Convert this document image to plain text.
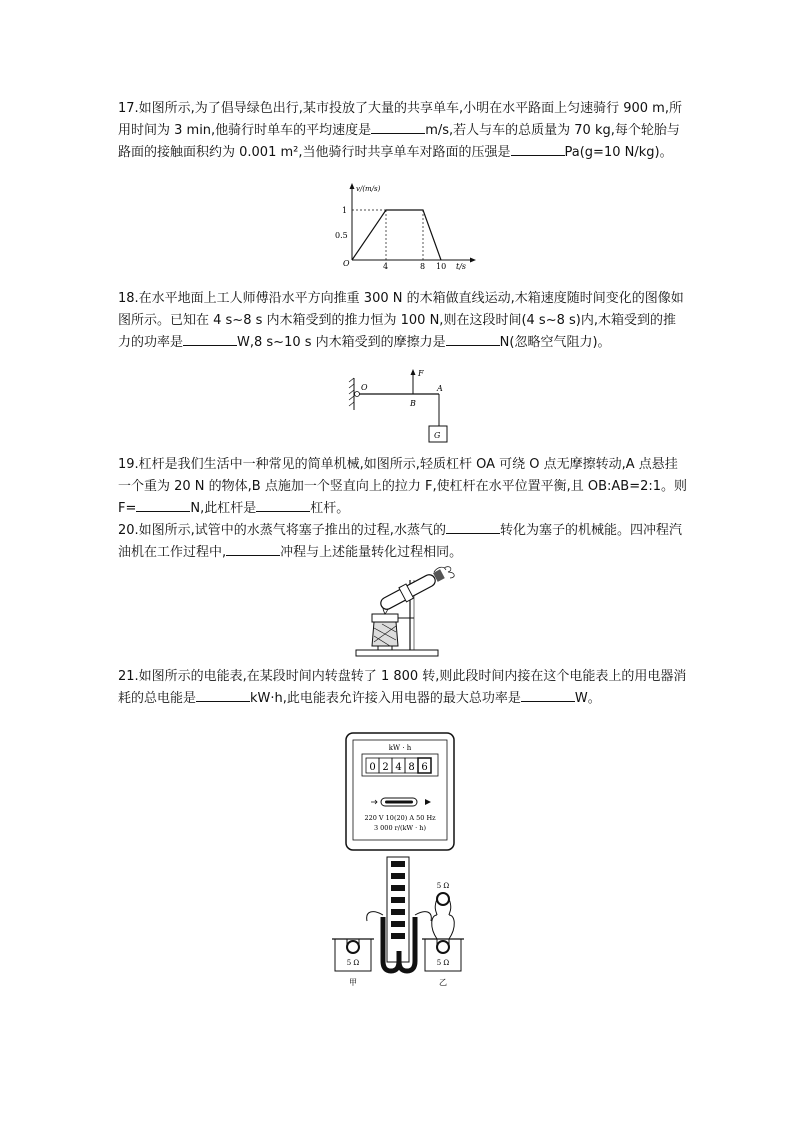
17.如图所示,为了倡导绿色出行,某市投放了大量的共享单车,小明在水平路面上匀速骑行 900 m,所用时间为 3 min,他骑行时单车的平均速度是	m/s,若人与车的总质量为 70 kg,每个轮胎与路面的接触面积约为 0.001 m²,当他骑行时共享单车对路面的压强是	Pa(g=10 N/kg)。

v/(m/s)
1
0.5
O	4	8 10 t/s

18.在水平地面上工人师傅沿水平方向推重 300 N 的木箱做直线运动,木箱速度随时间变化的图像如图所示。已知在 4 s~8 s 内木箱受到的推力恒为 100 N,则在这段时间(4 s~8 s)内,木箱受到的推力的功率是	W,8 s~10 s 内木箱受到的摩擦力是	N(忽略空气阻力)。

O
F
A
B
G

19.杠杆是我们生活中一种常见的简单机械,如图所示,轻质杠杆 OA 可绕 O 点无摩擦转动,A 点悬挂一个重为 20 N 的物体,B 点施加一个竖直向上的拉力 F,使杠杆在水平位置平衡,且 OB:AB=2:1。则 F=	N,此杠杆是	杠杆。

20.如图所示,试管中的水蒸气将塞子推出的过程,水蒸气的	转化为塞子的机械能。四冲程汽油机在工作过程中,	冲程与上述能量转化过程相同。

21.如图所示的电能表,在某段时间内转盘转了 1 800 转,则此段时间内接在这个电能表上的用电器消耗的总电能是	kW·h,此电能表允许接入用电器的最大总功率是	W。

kW · h
0 2 4 8 6
220 V 10(20) A 50 Hz
3 000 r/(kW · h)
5 Ω	5 Ω
5 Ω
甲	乙
